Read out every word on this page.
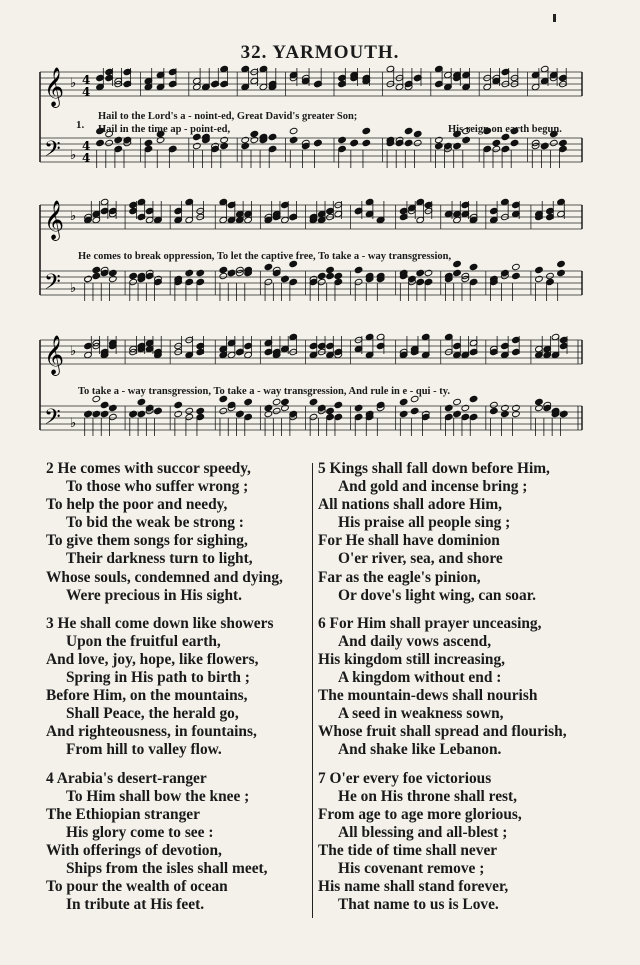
32. YARMOUTH.
𝄞
𝄢
♭
♭
4
4
4
4
1.
Hail to the Lord's a - noint-ed, Great David's greater Son;
Hail in the time ap - point-ed,	His reign on earth begun.
𝄞
𝄢
♭
♭
He comes to break oppression, To let the captive free, To take a - way transgression,
𝄞
𝄢
♭
♭
To take a - way transgression, To take a - way transgression, And rule in e - qui - ty.
2 He comes with succor speedy,
To those who suffer wrong ;
To help the poor and needy,
To bid the weak be strong :
To give them songs for sighing,
Their darkness turn to light,
Whose souls, condemned and dying,
Were precious in His sight.
3 He shall come down like showers
Upon the fruitful earth,
And love, joy, hope, like flowers,
Spring in His path to birth ;
Before Him, on the mountains,
Shall Peace, the herald go,
And righteousness, in fountains,
From hill to valley flow.
4 Arabia's desert-ranger
To Him shall bow the knee ;
The Ethiopian stranger
His glory come to see :
With offerings of devotion,
Ships from the isles shall meet,
To pour the wealth of ocean
In tribute at His feet.
5 Kings shall fall down before Him,
And gold and incense bring ;
All nations shall adore Him,
His praise all people sing ;
For He shall have dominion
O'er river, sea, and shore
Far as the eagle's pinion,
Or dove's light wing, can soar.
6 For Him shall prayer unceasing,
And daily vows ascend,
His kingdom still increasing,
A kingdom without end :
The mountain-dews shall nourish
A seed in weakness sown,
Whose fruit shall spread and flourish,
And shake like Lebanon.
7 O'er every foe victorious
He on His throne shall rest,
From age to age more glorious,
All blessing and all-blest ;
The tide of time shall never
His covenant remove ;
His name shall stand forever,
That name to us is Love.
